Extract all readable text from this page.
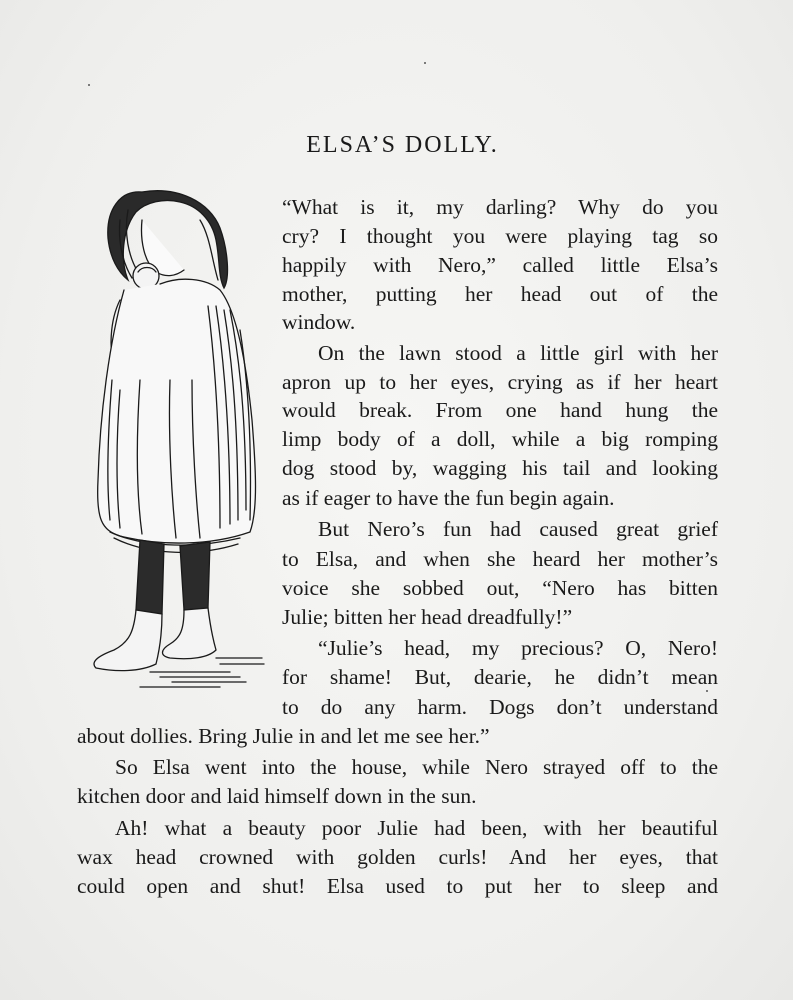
ELSA’S DOLLY.
“What is it, my darling? Why do you
cry? I thought you were playing tag so
happily with Nero,” called little Elsa’s
mother, putting her head out of the
window.
On the lawn stood a little girl with her
apron up to her eyes, crying as if her heart
would break. From one hand hung the
limp body of a doll, while a big romping
dog stood by, wagging his tail and looking
as if eager to have the fun begin again.
But Nero’s fun had caused great grief
to Elsa, and when she heard her mother’s
voice she sobbed out, “Nero has bitten
Julie; bitten her head dreadfully!”
“Julie’s head, my precious? O, Nero!
for shame! But, dearie, he didn’t mean
to do any harm. Dogs don’t understand
about dollies. Bring Julie in and let me see her.”
So Elsa went into the house, while Nero strayed off to the
kitchen door and laid himself down in the sun.
Ah! what a beauty poor Julie had been, with her beautiful
wax head crowned with golden curls! And her eyes, that
could open and shut! Elsa used to put her to sleep and
